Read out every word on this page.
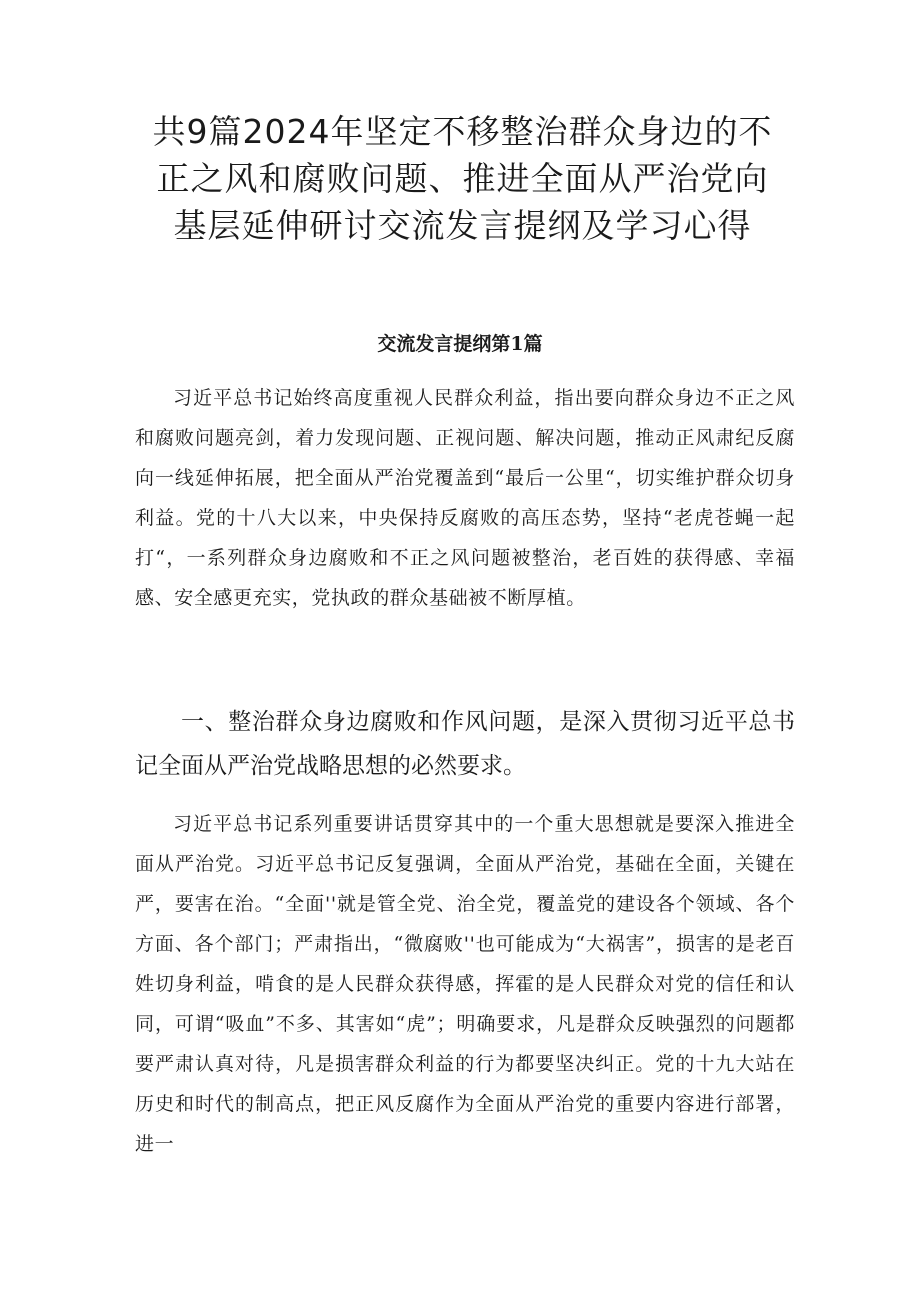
共9篇2024年坚定不移整治群众身边的不正之风和腐败问题、推进全面从严治党向基层延伸研讨交流发言提纲及学习心得
交流发言提纲第1篇

习近平总书记始终高度重视人民群众利益，指出要向群众身边不正之风和腐败问题亮剑，着力发现问题、正视问题、解决问题，推动正风肃纪反腐向一线延伸拓展，把全面从严治党覆盖到“最后一公里“，切实维护群众切身利益。党的十八大以来，中央保持反腐败的高压态势，坚持“老虎苍蝇一起打“，一系列群众身边腐败和不正之风问题被整治，老百姓的获得感、幸福感、安全感更充实，党执政的群众基础被不断厚植。

一、整治群众身边腐败和作风问题，是深入贯彻习近平总书记全面从严治党战略思想的必然要求。

习近平总书记系列重要讲话贯穿其中的一个重大思想就是要深入推进全面从严治党。习近平总书记反复强调，全面从严治党，基础在全面，关键在严，要害在治。“全面''就是管全党、治全党，覆盖党的建设各个领域、各个方面、各个部门；严肃指出，“微腐败''也可能成为“大祸害”，损害的是老百姓切身利益，啃食的是人民群众获得感，挥霍的是人民群众对党的信任和认同，可谓“吸血”不多、其害如“虎”；明确要求，凡是群众反映强烈的问题都要严肃认真对待，凡是损害群众利益的行为都要坚决纠正。党的十九大站在历史和时代的制高点，把正风反腐作为全面从严治党的重要内容进行部署，进一
